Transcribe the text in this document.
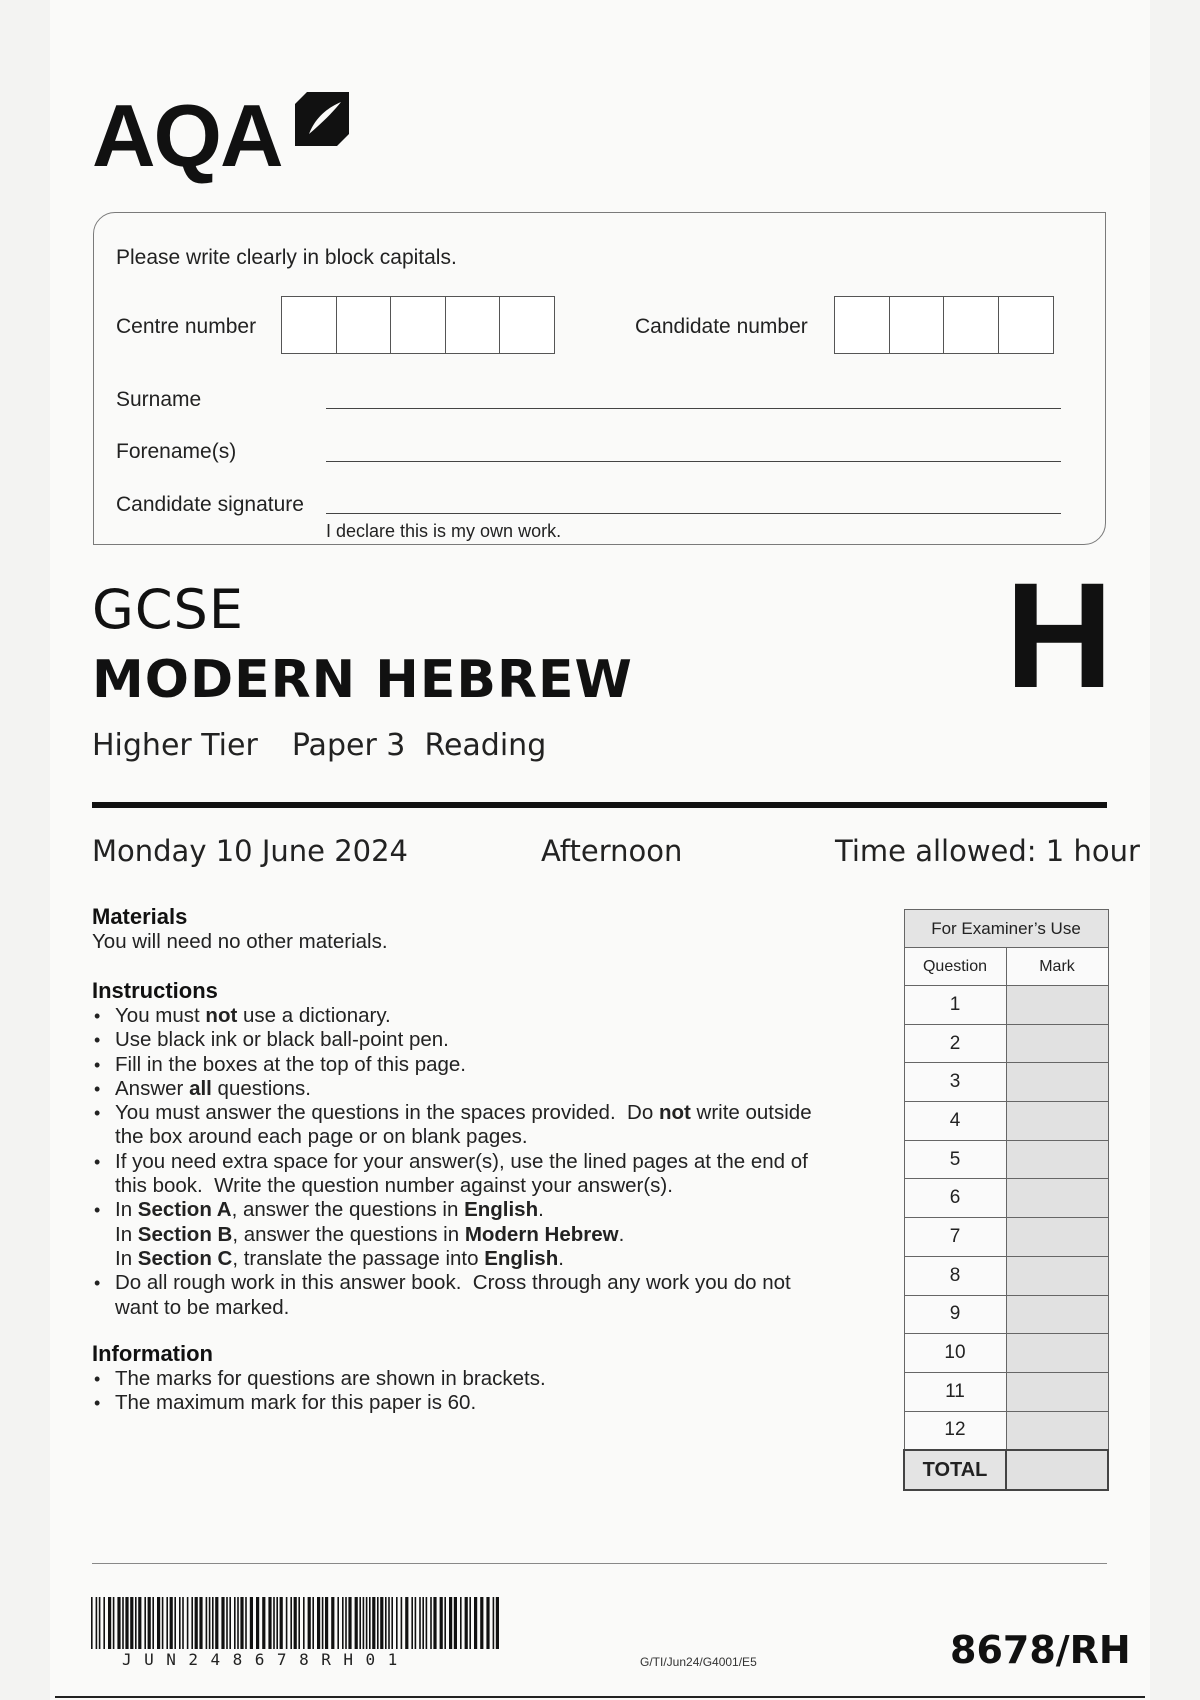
AQA
Please write clearly in block capitals.
Centre number	Candidate number
Surname
Forename(s)
Candidate signature
I declare this is my own work.
GCSE
MODERN HEBREW
Higher Tier Paper 3  Reading
H
Monday 10 June 2024	Afternoon	Time allowed: 1 hour
Materials
You will need no other materials.
Instructions
• You must not use a dictionary.
• Use black ink or black ball-point pen.
• Fill in the boxes at the top of this page.
• Answer all questions.
• You must answer the questions in the spaces provided.  Do not write outside
the box around each page or on blank pages.
• If you need extra space for your answer(s), use the lined pages at the end of
this book.  Write the question number against your answer(s).
• In Section A, answer the questions in English.
In Section B, answer the questions in Modern Hebrew.
In Section C, translate the passage into English.
• Do all rough work in this answer book.  Cross through any work you do not
want to be marked.
Information
• The marks for questions are shown in brackets.
• The maximum mark for this paper is 60.
For Examiner’s Use	
Question	Mark
1	
2	
3	
4	
5	
6	
7	
8	
9	
10	
11	
12	
TOTAL	
JUN248678RH01	G/TI/Jun24/G4001/E5	8678/RH
